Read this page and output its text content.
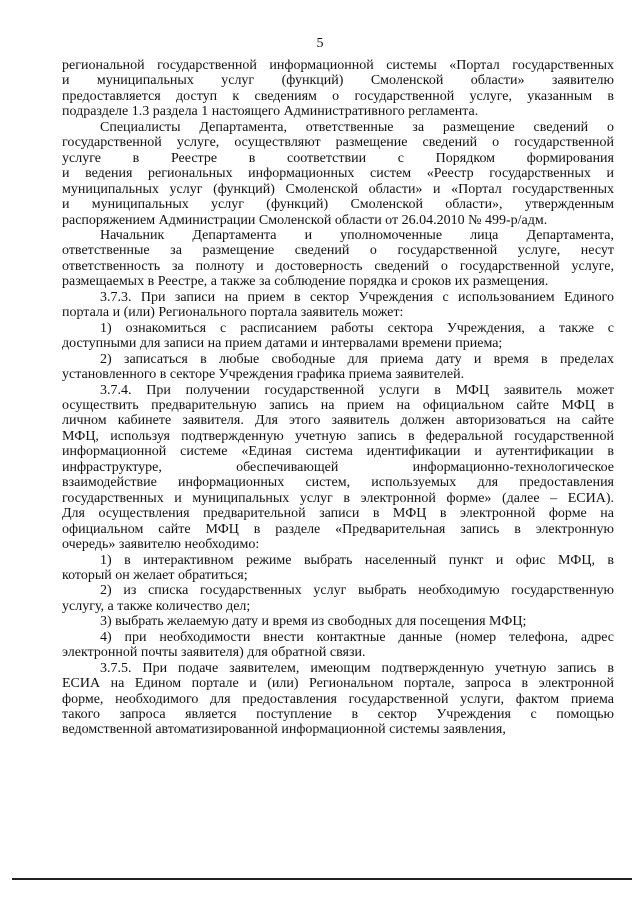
5

региональной государственной информационной системы «Портал государственных

и муниципальных услуг (функций) Смоленской области» заявителю

предоставляется доступ к сведениям о государственной услуге, указанным в

подразделе 1.3 раздела 1 настоящего Административного регламента.

Специалисты Департамента, ответственные за размещение сведений о

государственной услуге, осуществляют размещение сведений о государственной

услуге в Реестре в соответствии с Порядком формирования

и ведения региональных информационных систем «Реестр государственных и

муниципальных услуг (функций) Смоленской области» и «Портал государственных

и муниципальных услуг (функций) Смоленской области», утвержденным

распоряжением Администрации Смоленской области от 26.04.2010 № 499-р/адм.

Начальник Департамента и уполномоченные лица Департамента,

ответственные за размещение сведений о государственной услуге, несут

ответственность за полноту и достоверность сведений о государственной услуге,

размещаемых в Реестре, а также за соблюдение порядка и сроков их размещения.

3.7.3. При записи на прием в сектор Учреждения с использованием Единого

портала и (или) Регионального портала заявитель может:

1) ознакомиться с расписанием работы сектора Учреждения, а также с

доступными для записи на прием датами и интервалами времени приема;

2) записаться в любые свободные для приема дату и время в пределах

установленного в секторе Учреждения графика приема заявителей.

3.7.4. При получении государственной услуги в МФЦ заявитель может

осуществить предварительную запись на прием на официальном сайте МФЦ в

личном кабинете заявителя. Для этого заявитель должен авторизоваться на сайте

МФЦ, используя подтвержденную учетную запись в федеральной государственной

информационной системе «Единая система идентификации и аутентификации в

инфраструктуре, обеспечивающей информационно-технологическое

взаимодействие информационных систем, используемых для предоставления

государственных и муниципальных услуг в электронной форме» (далее – ЕСИА).

Для осуществления предварительной записи в МФЦ в электронной форме на

официальном сайте МФЦ в разделе «Предварительная запись в электронную

очередь» заявителю необходимо:

1) в интерактивном режиме выбрать населенный пункт и офис МФЦ, в

который он желает обратиться;

2) из списка государственных услуг выбрать необходимую государственную

услугу, а также количество дел;

3) выбрать желаемую дату и время из свободных для посещения МФЦ;

4) при необходимости внести контактные данные (номер телефона, адрес

электронной почты заявителя) для обратной связи.

3.7.5. При подаче заявителем, имеющим подтвержденную учетную запись в

ЕСИА на Едином портале и (или) Региональном портале, запроса в электронной

форме, необходимого для предоставления государственной услуги, фактом приема

такого запроса является поступление в сектор Учреждения с помощью

ведомственной автоматизированной информационной системы заявления,
